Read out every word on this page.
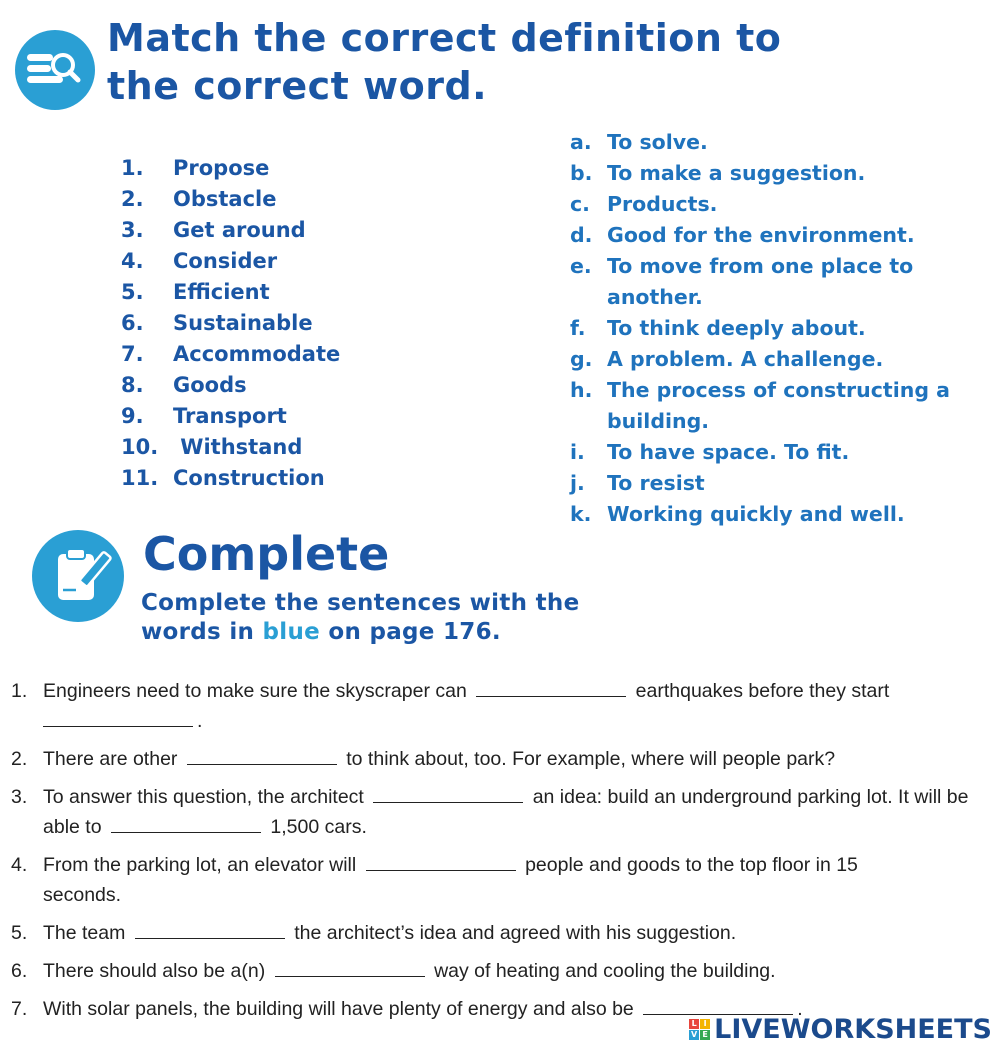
Match the correct definition to
the correct word.
1. Propose
2. Obstacle
3. Get around
4. Consider
5. Efficient
6. Sustainable
7. Accommodate
8. Goods
9. Transport
10. Withstand
11. Construction
a. To solve.
b. To make a suggestion.
c. Products.
d. Good for the environment.
e. To move from one place to another.
f. To think deeply about.
g. A problem. A challenge.
h. The process of constructing a building.
i. To have space. To fit.
j. To resist
k. Working quickly and well.
Complete
Complete the sentences with the
words in blue on page 176.
1. Engineers need to make sure the skyscraper can	earthquakes before they start
.
2. There are other	to think about, too. For example, where will people park?
3. To answer this question, the architect	an idea: build an underground parking lot. It will be able to	1,500 cars.
4. From the parking lot, an elevator will	people and goods to the top floor in 15 seconds.
5. The team	the architect’s idea and agreed with his suggestion.
6. There should also be a(n)	way of heating and cooling the building.
7. With solar panels, the building will have plenty of energy and also be	.
L I
V E LIVEWORKSHEETS
